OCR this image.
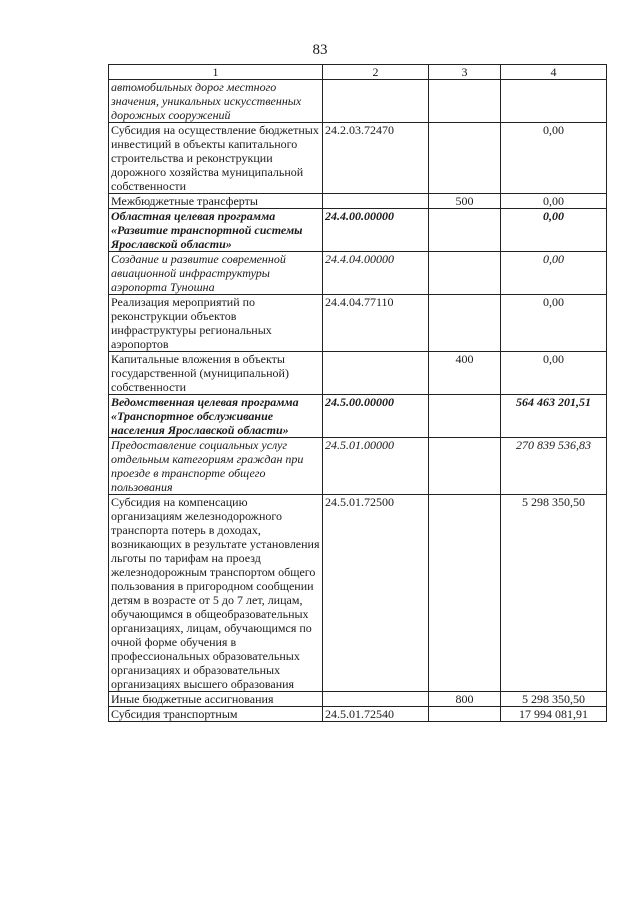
83
1	2	3	4
автомобильных дорог местного значения, уникальных искусственных дорожных сооружений			
Субсидия на осуществление бюджетных инвестиций в объекты капитального строительства и реконструкции дорожного хозяйства муниципальной собственности	24.2.03.72470		0,00
Межбюджетные трансферты		500	0,00
Областная целевая программа «Развитие транспортной системы Ярославской области»	24.4.00.00000		0,00
Создание и развитие современной авиационной инфраструктуры аэропорта Туношна	24.4.04.00000		0,00
Реализация мероприятий по реконструкции объектов инфраструктуры региональных аэропортов	24.4.04.77110		0,00
Капитальные вложения в объекты государственной (муниципальной) собственности		400	0,00
Ведомственная целевая программа «Транспортное обслуживание населения Ярославской области»	24.5.00.00000		564 463 201,51
Предоставление социальных услуг отдельным категориям граждан при проезде в транспорте общего пользования	24.5.01.00000		270 839 536,83
Субсидия на компенсацию организациям железнодорожного транспорта потерь в доходах, возникающих в результате установления льготы по тарифам на проезд железнодорожным транспортом общего пользования в пригородном сообщении детям в возрасте от 5 до 7 лет, лицам, обучающимся в общеобразовательных организациях, лицам, обучающимся по очной форме обучения в профессиональных образовательных организациях и образовательных организациях высшего образования	24.5.01.72500		5 298 350,50
Иные бюджетные ассигнования		800	5 298 350,50
Субсидия транспортным	24.5.01.72540		17 994 081,91
